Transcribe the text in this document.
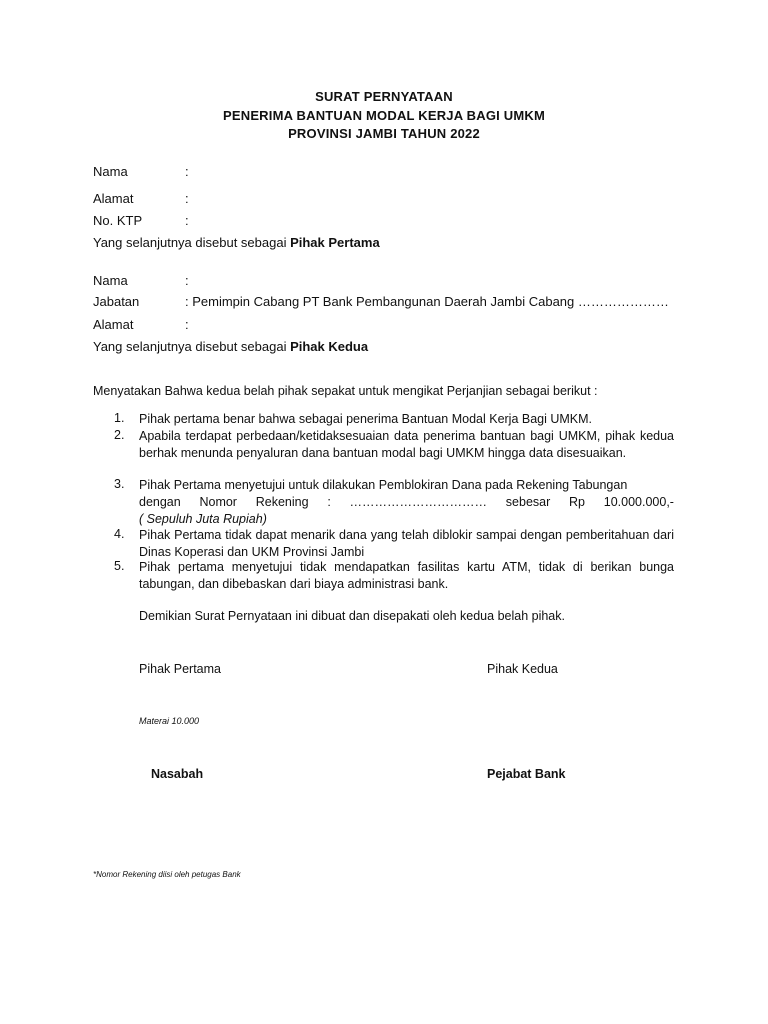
SURAT PERNYATAAN
PENERIMA BANTUAN MODAL KERJA BAGI UMKM
PROVINSI JAMBI TAHUN 2022
Nama	:
Alamat	:
No. KTP	:
Yang selanjutnya disebut sebagai Pihak Pertama
Nama	:
Jabatan	: Pemimpin Cabang PT Bank Pembangunan Daerah Jambi Cabang …………………
Alamat	:
Yang selanjutnya disebut sebagai Pihak Kedua
Menyatakan Bahwa kedua belah pihak sepakat untuk mengikat Perjanjian sebagai berikut :
1. Pihak pertama benar bahwa sebagai penerima Bantuan Modal Kerja Bagi UMKM.
2. Apabila terdapat perbedaan/ketidaksesuaian data penerima bantuan bagi UMKM, pihak kedua berhak menunda penyaluran dana bantuan modal bagi UMKM hingga data disesuaikan.
3. Pihak Pertama menyetujui untuk dilakukan Pemblokiran Dana pada Rekening Tabungan
dengan Nomor Rekening : …………………………… sebesar Rp 10.000.000,-
( Sepuluh Juta Rupiah)
4. Pihak Pertama tidak dapat menarik dana yang telah diblokir sampai dengan pemberitahuan dari Dinas Koperasi dan UKM Provinsi Jambi
5. Pihak pertama menyetujui tidak mendapatkan fasilitas kartu ATM, tidak di berikan bunga tabungan, dan dibebaskan dari biaya administrasi bank.
Demikian Surat Pernyataan ini dibuat dan disepakati oleh kedua belah pihak.
Pihak Pertama	Pihak Kedua
Materai 10.000
Nasabah	Pejabat Bank
*Nomor Rekening diisi oleh petugas Bank
